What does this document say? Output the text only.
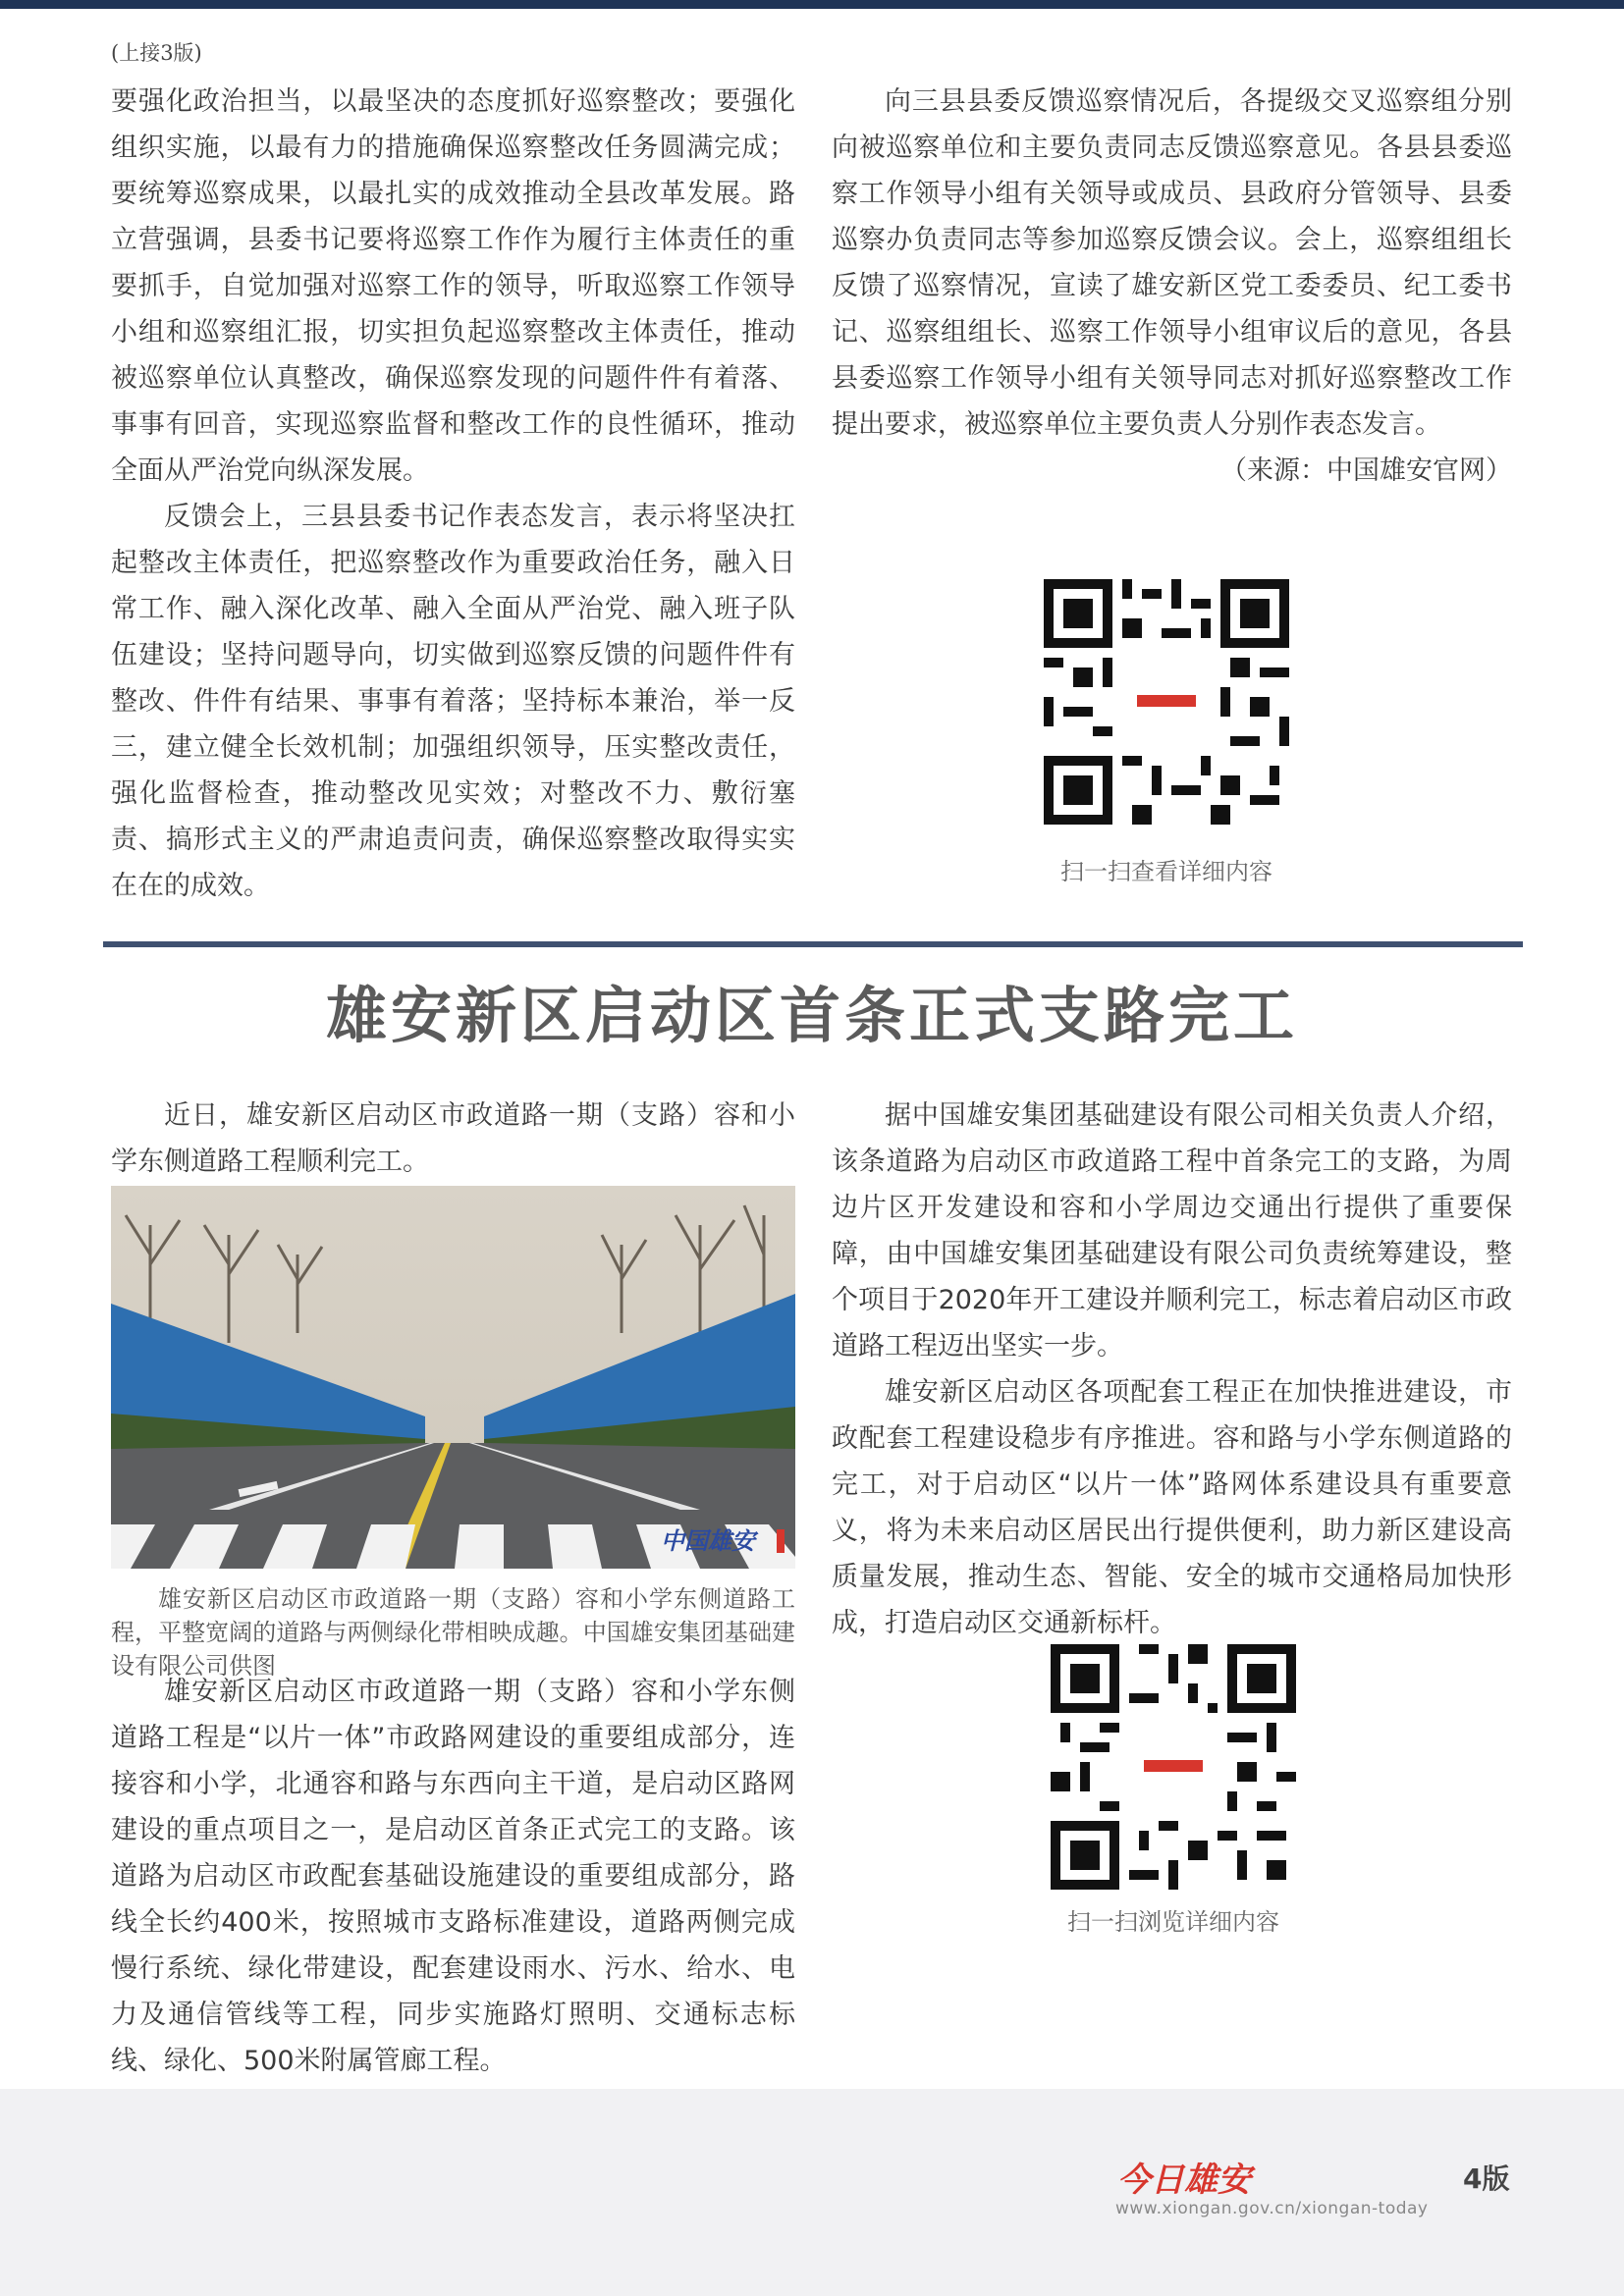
(上接3版)

要强化政治担当，以最坚决的态度抓好巡察整改；要强化组织实施，以最有力的措施确保巡察整改任务圆满完成；要统筹巡察成果，以最扎实的成效推动全县改革发展。路立营强调，县委书记要将巡察工作作为履行主体责任的重要抓手，自觉加强对巡察工作的领导，听取巡察工作领导小组和巡察组汇报，切实担负起巡察整改主体责任，推动被巡察单位认真整改，确保巡察发现的问题件件有着落、事事有回音，实现巡察监督和整改工作的良性循环，推动全面从严治党向纵深发展。

反馈会上，三县县委书记作表态发言，表示将坚决扛起整改主体责任，把巡察整改作为重要政治任务，融入日常工作、融入深化改革、融入全面从严治党、融入班子队伍建设；坚持问题导向，切实做到巡察反馈的问题件件有整改、件件有结果、事事有着落；坚持标本兼治，举一反三，建立健全长效机制；加强组织领导，压实整改责任，强化监督检查，推动整改见实效；对整改不力、敷衍塞责、搞形式主义的严肃追责问责，确保巡察整改取得实实在在的成效。

向三县县委反馈巡察情况后，各提级交叉巡察组分别向被巡察单位和主要负责同志反馈巡察意见。各县县委巡察工作领导小组有关领导或成员、县政府分管领导、县委巡察办负责同志等参加巡察反馈会议。会上，巡察组组长反馈了巡察情况，宣读了雄安新区党工委委员、纪工委书记、巡察组组长、巡察工作领导小组审议后的意见，各县县委巡察工作领导小组有关领导同志对抓好巡察整改工作提出要求，被巡察单位主要负责人分别作表态发言。

（来源：中国雄安官网）

扫一扫查看详细内容
雄安新区启动区首条正式支路完工

近日，雄安新区启动区市政道路一期（支路）容和小学东侧道路工程顺利完工。

中国雄安
雄安新区启动区市政道路一期（支路）容和小学东侧道路工程，平整宽阔的道路与两侧绿化带相映成趣。中国雄安集团基础建设有限公司供图

雄安新区启动区市政道路一期（支路）容和小学东侧道路工程是“以片一体”市政路网建设的重要组成部分，连接容和小学，北通容和路与东西向主干道，是启动区路网建设的重点项目之一，是启动区首条正式完工的支路。该道路为启动区市政配套基础设施建设的重要组成部分，路线全长约400米，按照城市支路标准建设，道路两侧完成慢行系统、绿化带建设，配套建设雨水、污水、给水、电力及通信管线等工程，同步实施路灯照明、交通标志标线、绿化、500米附属管廊工程。

据中国雄安集团基础建设有限公司相关负责人介绍，该条道路为启动区市政道路工程中首条完工的支路，为周边片区开发建设和容和小学周边交通出行提供了重要保障，由中国雄安集团基础建设有限公司负责统筹建设，整个项目于2020年开工建设并顺利完工，标志着启动区市政道路工程迈出坚实一步。

雄安新区启动区各项配套工程正在加快推进建设，市政配套工程建设稳步有序推进。容和路与小学东侧道路的完工，对于启动区“以片一体”路网体系建设具有重要意义，将为未来启动区居民出行提供便利，助力新区建设高质量发展，推动生态、智能、安全的城市交通格局加快形成，打造启动区交通新标杆。

扫一扫浏览详细内容
今日雄安	4版
www.xiongan.gov.cn/xiongan-today
